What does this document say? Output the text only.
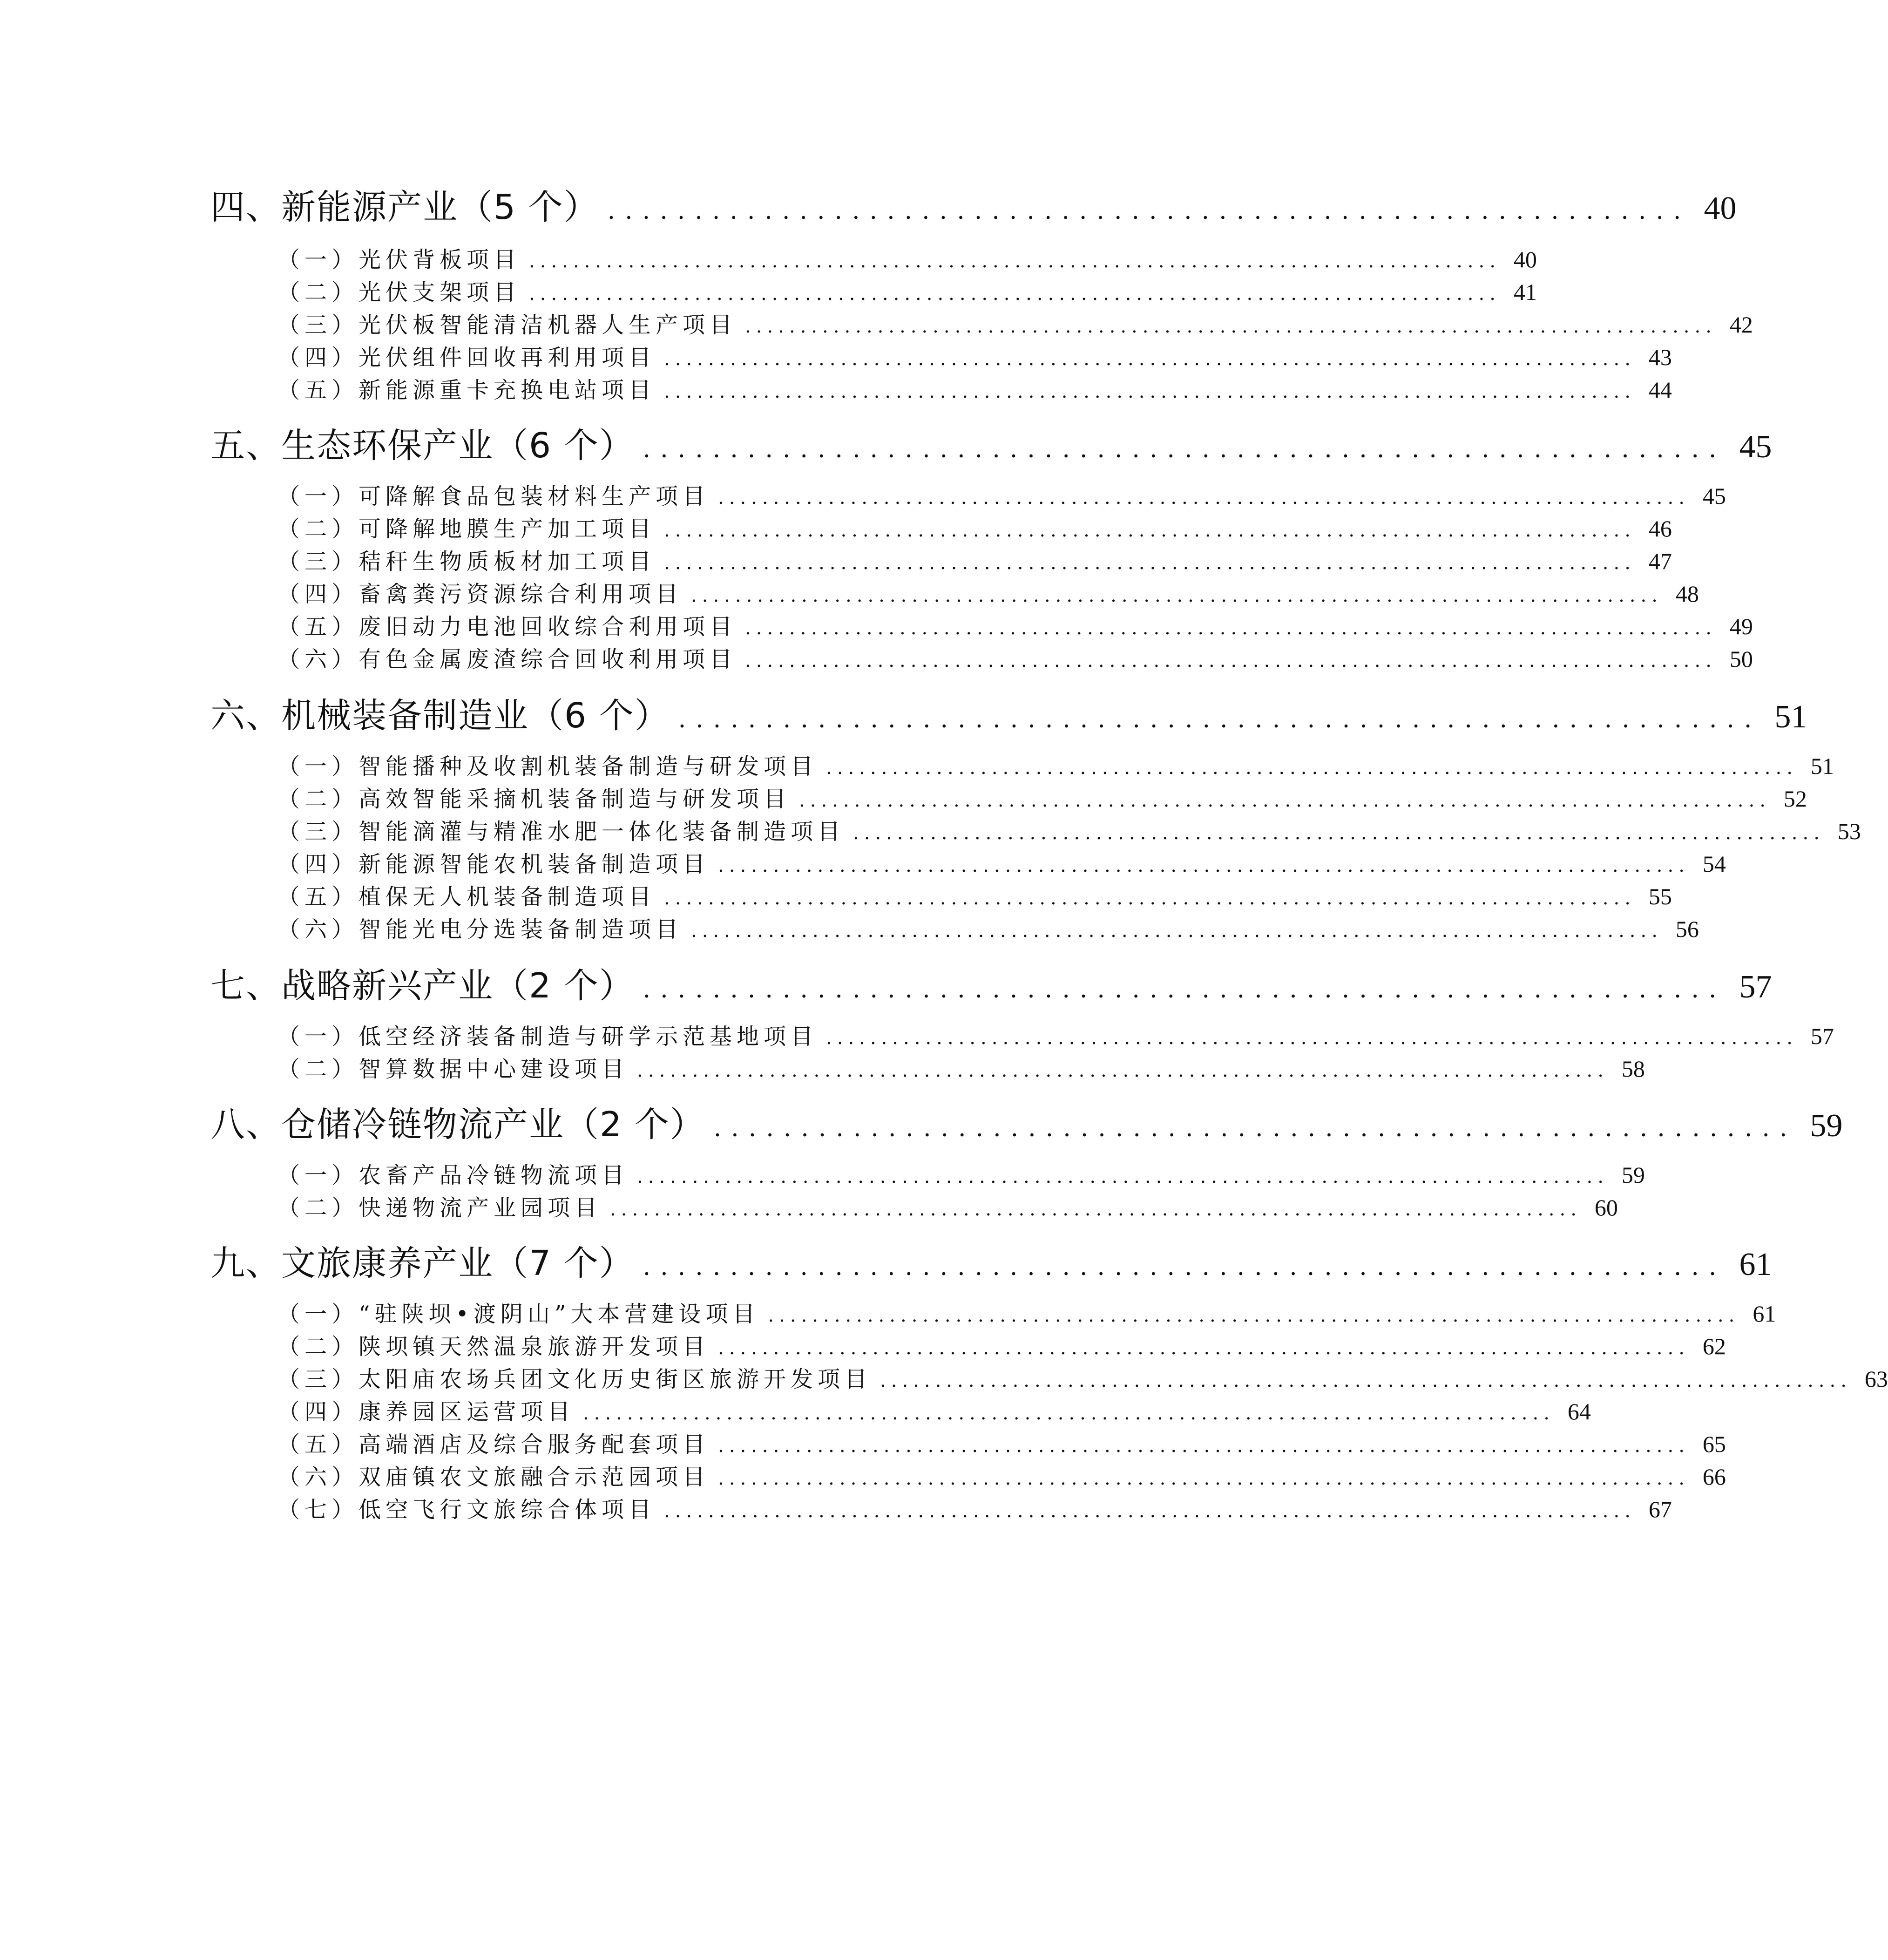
四、新能源产业（5 个） .............................................................. 40
（一）光伏背板项目 ........................................................................................ 40
（二）光伏支架项目 ........................................................................................ 41
（三）光伏板智能清洁机器人生产项目 ........................................................................................ 42
（四）光伏组件回收再利用项目 ........................................................................................ 43
（五）新能源重卡充换电站项目 ........................................................................................ 44
五、生态环保产业（6 个） .............................................................. 45
（一）可降解食品包装材料生产项目 ........................................................................................ 45
（二）可降解地膜生产加工项目 ........................................................................................ 46
（三）秸秆生物质板材加工项目 ........................................................................................ 47
（四）畜禽粪污资源综合利用项目 ........................................................................................ 48
（五）废旧动力电池回收综合利用项目 ........................................................................................ 49
（六）有色金属废渣综合回收利用项目 ........................................................................................ 50
六、机械装备制造业（6 个） .............................................................. 51
（一）智能播种及收割机装备制造与研发项目 ........................................................................................ 51
（二）高效智能采摘机装备制造与研发项目 ........................................................................................ 52
（三）智能滴灌与精准水肥一体化装备制造项目 ........................................................................................ 53
（四）新能源智能农机装备制造项目 ........................................................................................ 54
（五）植保无人机装备制造项目 ........................................................................................ 55
（六）智能光电分选装备制造项目 ........................................................................................ 56
七、战略新兴产业（2 个） .............................................................. 57
（一）低空经济装备制造与研学示范基地项目 ........................................................................................ 57
（二）智算数据中心建设项目 ........................................................................................ 58
八、仓储冷链物流产业（2 个） .............................................................. 59
（一）农畜产品冷链物流项目 ........................................................................................ 59
（二）快递物流产业园项目 ........................................................................................ 60
九、文旅康养产业（7 个） .............................................................. 61
（一）“驻陕坝•渡阴山”大本营建设项目 ........................................................................................ 61
（二）陕坝镇天然温泉旅游开发项目 ........................................................................................ 62
（三）太阳庙农场兵团文化历史街区旅游开发项目 ........................................................................................ 63
（四）康养园区运营项目 ........................................................................................ 64
（五）高端酒店及综合服务配套项目 ........................................................................................ 65
（六）双庙镇农文旅融合示范园项目 ........................................................................................ 66
（七）低空飞行文旅综合体项目 ........................................................................................ 67
